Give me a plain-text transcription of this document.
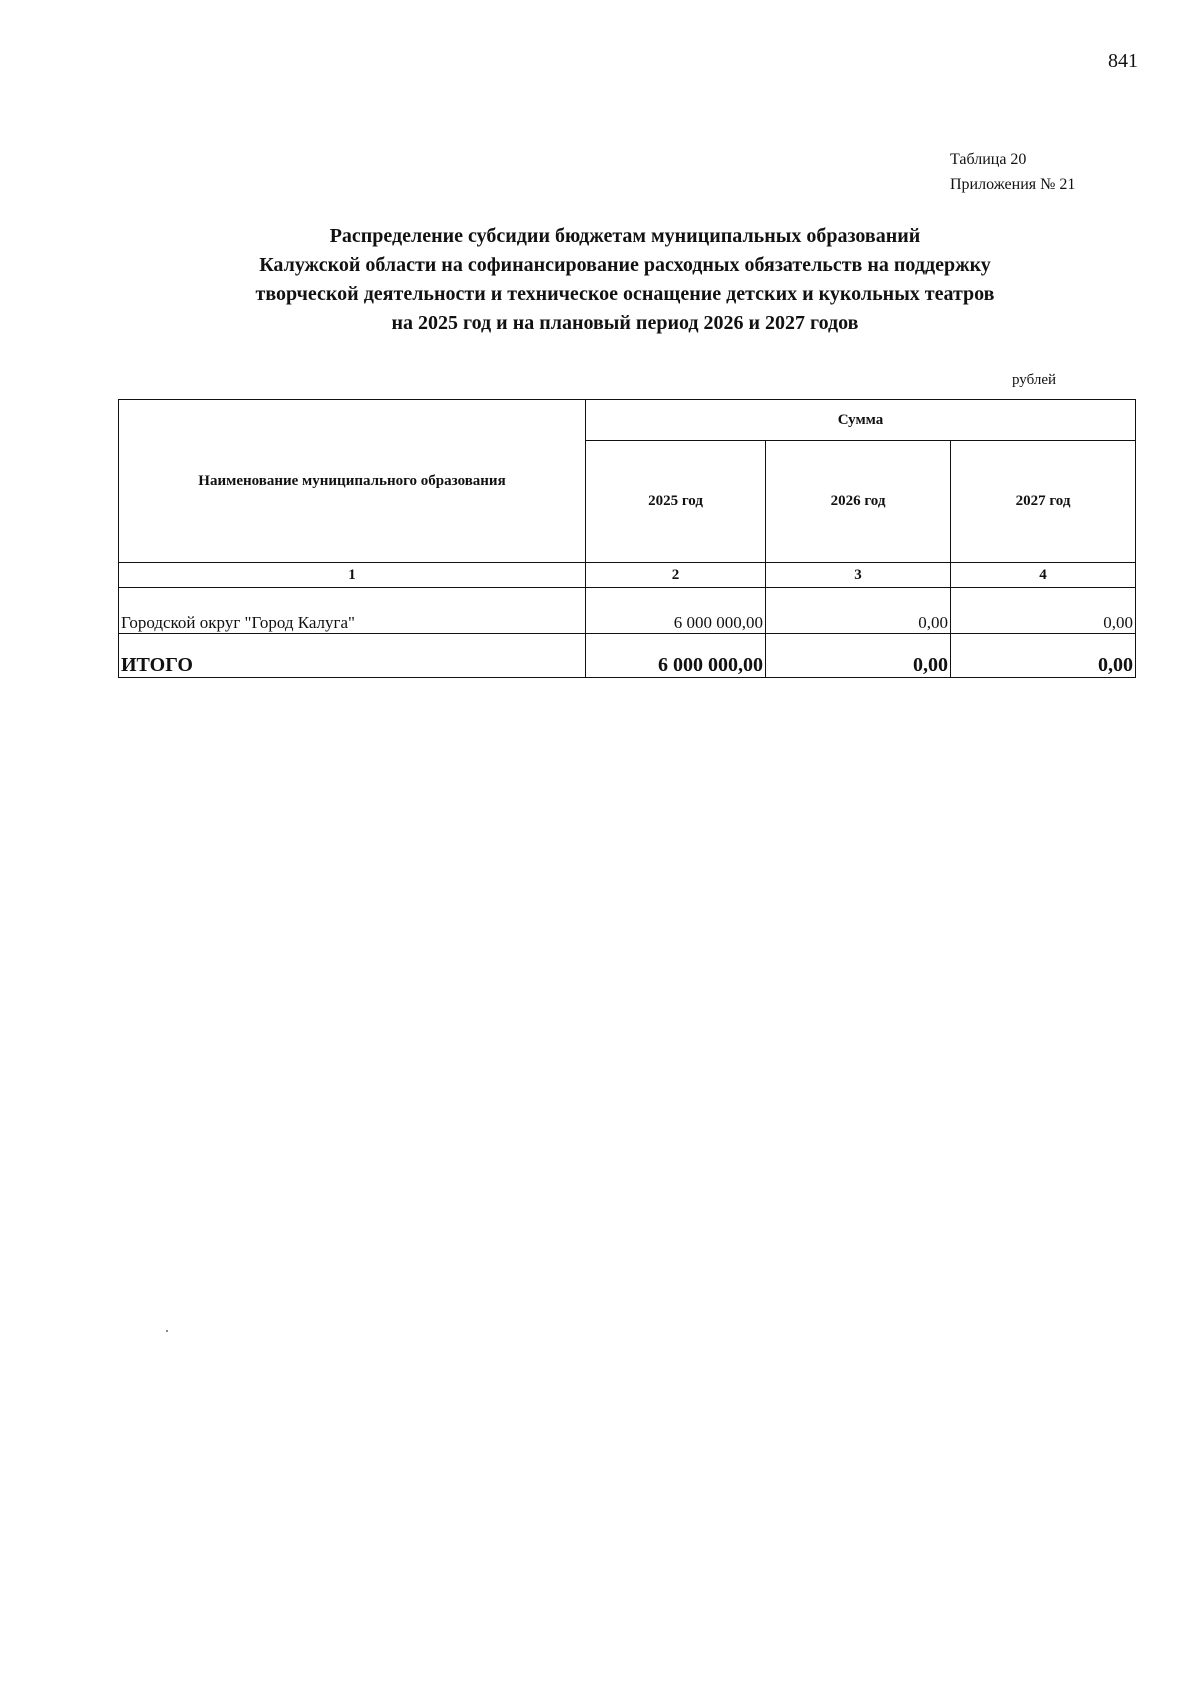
841
Таблица 20
Приложения № 21
Распределение субсидии бюджетам муниципальных образований
Калужской области на софинансирование расходных обязательств на поддержку
творческой деятельности и техническое оснащение детских и кукольных театров
на 2025 год и на плановый период 2026 и 2027 годов
рублей
Наименование муниципального образования	Сумма		
	2025 год	2026 год	2027 год
1	2	3	4
Городской округ "Город Калуга"	6 000 000,00	0,00	0,00
ИТОГО	6 000 000,00	0,00	0,00
